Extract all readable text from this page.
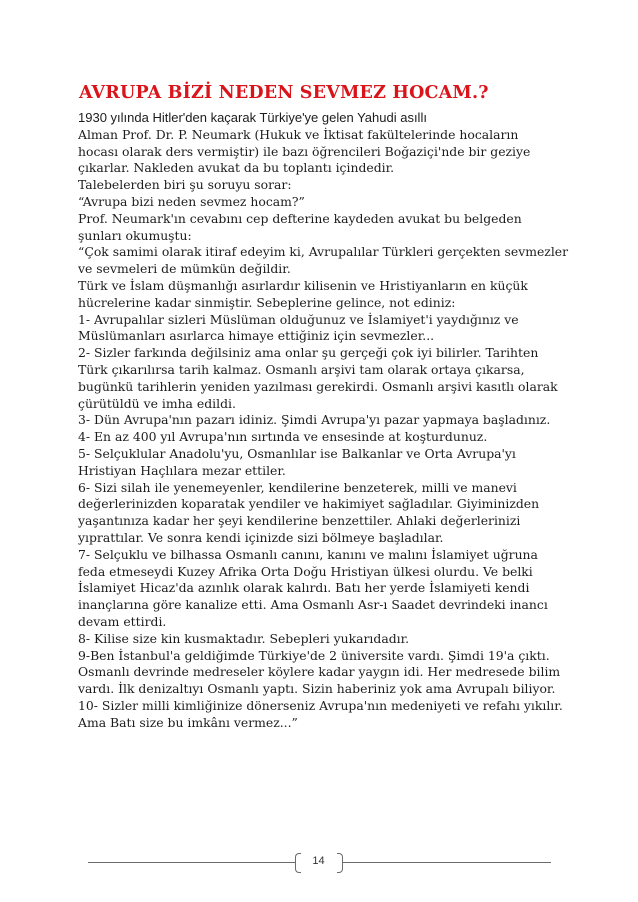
AVRUPA BİZİ NEDEN SEVMEZ HOCAM.?
1930 yılında Hitler'den kaçarak Türkiye'ye gelen Yahudi asıllı
Alman Prof. Dr. P. Neumark (Hukuk ve İktisat fakültelerinde hocaların
hocası olarak ders vermiştir) ile bazı öğrencileri Boğaziçi'nde bir geziye
çıkarlar. Nakleden avukat da bu toplantı içindedir.
Talebelerden biri şu soruyu sorar:
“Avrupa bizi neden sevmez hocam?”
Prof. Neumark'ın cevabını cep defterine kaydeden avukat bu belgeden
şunları okumuştu:
“Çok samimi olarak itiraf edeyim ki, Avrupalılar Türkleri gerçekten sevmezler
ve sevmeleri de mümkün değildir.
Türk ve İslam düşmanlığı asırlardır kilisenin ve Hristiyanların en küçük
hücrelerine kadar sinmiştir. Sebeplerine gelince, not ediniz:
1- Avrupalılar sizleri Müslüman olduğunuz ve İslamiyet'i yaydığınız ve
Müslümanları asırlarca himaye ettiğiniz için sevmezler...
2- Sizler farkında değilsiniz ama onlar şu gerçeği çok iyi bilirler. Tarihten
Türk çıkarılırsa tarih kalmaz. Osmanlı arşivi tam olarak ortaya çıkarsa,
bugünkü tarihlerin yeniden yazılması gerekirdi. Osmanlı arşivi kasıtlı olarak
çürütüldü ve imha edildi.
3- Dün Avrupa'nın pazarı idiniz. Şimdi Avrupa'yı pazar yapmaya başladınız.
4- En az 400 yıl Avrupa'nın sırtında ve ensesinde at koşturdunuz.
5- Selçuklular Anadolu'yu, Osmanlılar ise Balkanlar ve Orta Avrupa'yı
Hristiyan Haçlılara mezar ettiler.
6- Sizi silah ile yenemeyenler, kendilerine benzeterek, milli ve manevi
değerlerinizden koparatak yendiler ve hakimiyet sağladılar. Giyiminizden
yaşantınıza kadar her şeyi kendilerine benzettiler. Ahlaki değerlerinizi
yıprattılar. Ve sonra kendi içinizde sizi bölmeye başladılar.
7- Selçuklu ve bilhassa Osmanlı canını, kanını ve malını İslamiyet uğruna
feda etmeseydi Kuzey Afrika Orta Doğu Hristiyan ülkesi olurdu. Ve belki
İslamiyet Hicaz'da azınlık olarak kalırdı. Batı her yerde İslamiyeti kendi
inançlarına göre kanalize etti. Ama Osmanlı Asr-ı Saadet devrindeki inancı
devam ettirdi.
8- Kilise size kin kusmaktadır. Sebepleri yukarıdadır.
9-Ben İstanbul'a geldiğimde Türkiye'de 2 üniversite vardı. Şimdi 19'a çıktı.
Osmanlı devrinde medreseler köylere kadar yaygın idi. Her medresede bilim
vardı. İlk denizaltıyı Osmanlı yaptı. Sizin haberiniz yok ama Avrupalı biliyor.
10- Sizler milli kimliğinize dönerseniz Avrupa'nın medeniyeti ve refahı yıkılır.
Ama Batı size bu imkânı vermez...”
14
